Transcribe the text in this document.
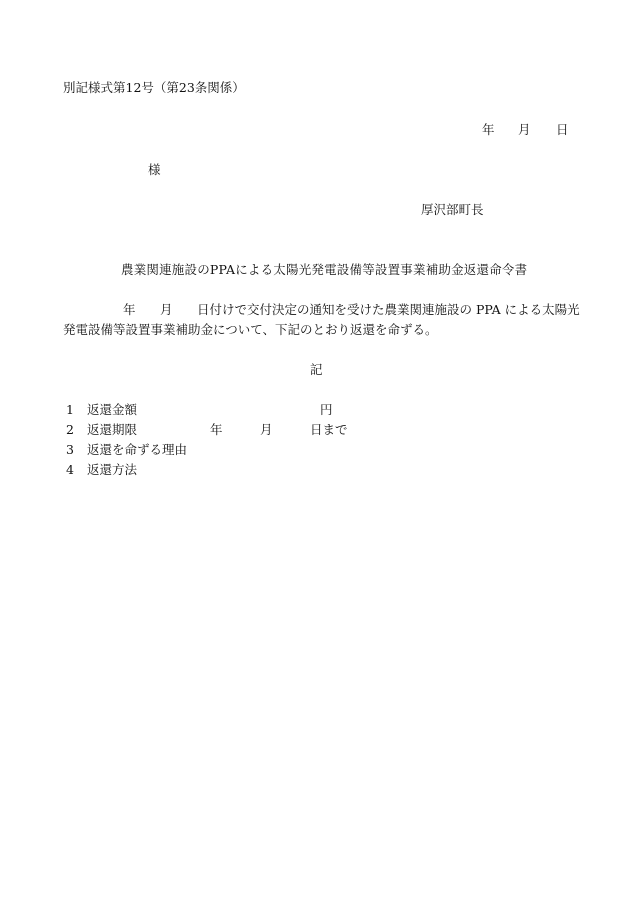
別記様式第12号（第23条関係）
年 月 日
様
厚沢部町長
農業関連施設のPPAによる太陽光発電設備等設置事業補助金返還命令書
年 月 日付けで交付決定の通知を受けた農業関連施設の PPA による太陽光
発電設備等設置事業補助金について、下記のとおり返還を命ずる。
記
1 返還金額	円
2 返還期限	年	月	日まで
3 返還を命ずる理由
4 返還方法
